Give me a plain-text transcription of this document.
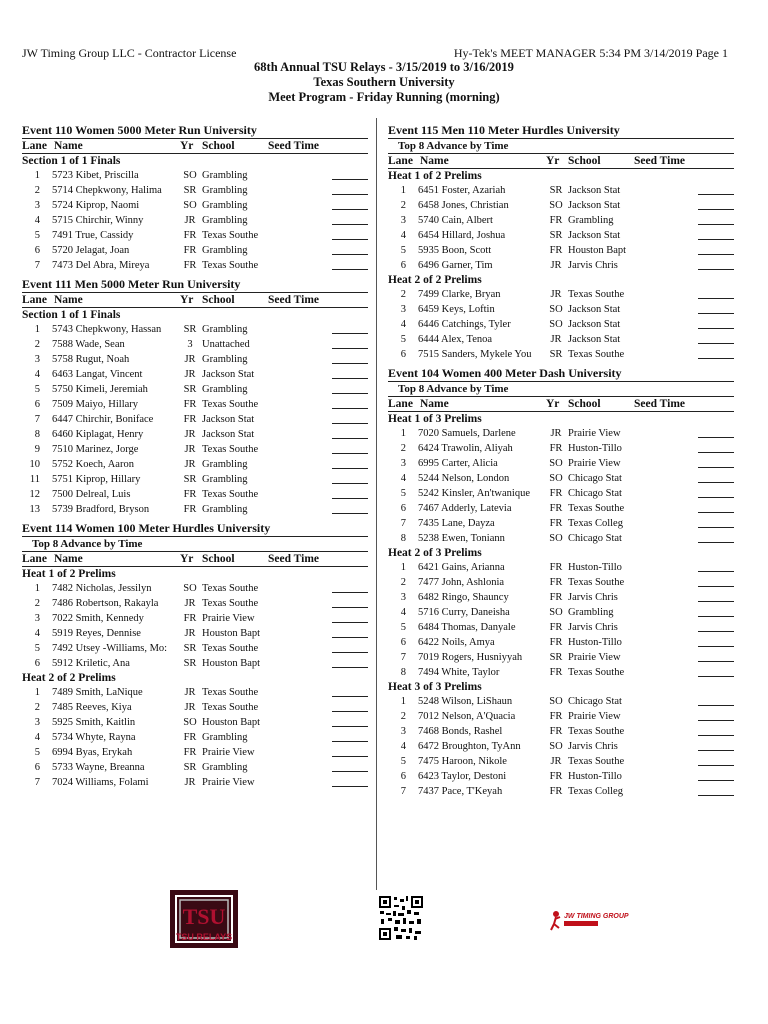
JW Timing Group LLC - Contractor License	Hy-Tek's MEET MANAGER 5:34 PM 3/14/2019 Page 1
68th Annual TSU Relays - 3/15/2019 to 3/16/2019
Texas Southern University
Meet Program - Friday Running (morning)
Event 110 Women 5000 Meter Run University
Lane Name	Yr School	Seed Time
Section 1 of 1 Finals
1 5723 Kibet, Priscilla	SO Grambling
2 5714 Chepkwony, Halima	SR Grambling
3 5724 Kiprop, Naomi	SO Grambling
4 5715 Chirchir, Winny	JR Grambling
5 7491 True, Cassidy	FR Texas Southe
6 5720 Jelagat, Joan	FR Grambling
7 7473 Del Abra, Mireya	FR Texas Southe
Event 111 Men 5000 Meter Run University
Lane Name	Yr School	Seed Time
Section 1 of 1 Finals
1 5743 Chepkwony, Hassan	SR Grambling
2 7588 Wade, Sean	3 Unattached
3 5758 Rugut, Noah	JR Grambling
4 6463 Langat, Vincent	JR Jackson Stat
5 5750 Kimeli, Jeremiah	SR Grambling
6 7509 Maiyo, Hillary	FR Texas Southe
7 6447 Chirchir, Boniface	FR Jackson Stat
8 6460 Kiplagat, Henry	JR Jackson Stat
9 7510 Marinez, Jorge	JR Texas Southe
10 5752 Koech, Aaron	JR Grambling
11 5751 Kiprop, Hillary	SR Grambling
12 7500 Delreal, Luis	FR Texas Southe
13 5739 Bradford, Bryson	FR Grambling
Event 114 Women 100 Meter Hurdles University
Top 8 Advance by Time
Lane Name	Yr School	Seed Time
Heat 1 of 2 Prelims
1 7482 Nicholas, Jessilyn	SO Texas Southe
2 7486 Robertson, Rakayla	JR Texas Southe
3 7022 Smith, Kennedy	FR Prairie View
4 5919 Reyes, Dennise	JR Houston Bapt
5 7492 Utsey -Williams, Mo:	SR Texas Southe
6 5912 Kriletic, Ana	SR Houston Bapt
Heat 2 of 2 Prelims
1 7489 Smith, LaNique	JR Texas Southe
2 7485 Reeves, Kiya	JR Texas Southe
3 5925 Smith, Kaitlin	SO Houston Bapt
4 5734 Whyte, Rayna	FR Grambling
5 6994 Byas, Erykah	FR Prairie View
6 5733 Wayne, Breanna	SR Grambling
7 7024 Williams, Folami	JR Prairie View
Event 115 Men 110 Meter Hurdles University
Top 8 Advance by Time
Lane Name	Yr School	Seed Time
Heat 1 of 2 Prelims
1 6451 Foster, Azariah	SR Jackson Stat
2 6458 Jones, Christian	SO Jackson Stat
3 5740 Cain, Albert	FR Grambling
4 6454 Hillard, Joshua	SR Jackson Stat
5 5935 Boon, Scott	FR Houston Bapt
6 6496 Garner, Tim	JR Jarvis Chris
Heat 2 of 2 Prelims
2 7499 Clarke, Bryan	JR Texas Southe
3 6459 Keys, Loftin	SO Jackson Stat
4 6446 Catchings, Tyler	SO Jackson Stat
5 6444 Alex, Tenoa	JR Jackson Stat
6 7515 Sanders, Mykele You	SR Texas Southe
Event 104 Women 400 Meter Dash University
Top 8 Advance by Time
Lane Name	Yr School	Seed Time
Heat 1 of 3 Prelims
1 7020 Samuels, Darlene	JR Prairie View
2 6424 Trawolin, Aliyah	FR Huston-Tillo
3 6995 Carter, Alicia	SO Prairie View
4 5244 Nelson, London	SO Chicago Stat
5 5242 Kinsler, An'twanique	FR Chicago Stat
6 7467 Adderly, Latevia	FR Texas Southe
7 7435 Lane, Dayza	FR Texas Colleg
8 5238 Ewen, Toniann	SO Chicago Stat
Heat 2 of 3 Prelims
1 6421 Gains, Arianna	FR Huston-Tillo
2 7477 John, Ashlonia	FR Texas Southe
3 6482 Ringo, Shauncy	FR Jarvis Chris
4 5716 Curry, Daneisha	SO Grambling
5 6484 Thomas, Danyale	FR Jarvis Chris
6 6422 Noils, Amya	FR Huston-Tillo
7 7019 Rogers, Husniyyah	SR Prairie View
8 7494 White, Taylor	FR Texas Southe
Heat 3 of 3 Prelims
1 5248 Wilson, LiShaun	SO Chicago Stat
2 7012 Nelson, A'Quacia	FR Prairie View
3 7468 Bonds, Rashel	FR Texas Southe
4 6472 Broughton, TyAnn	SO Jarvis Chris
5 7475 Haroon, Nikole	JR Texas Southe
6 6423 Taylor, Destoni	FR Huston-Tillo
7 7437 Pace, T'Keyah	FR Texas Colleg
TSU
TSU RELAYS
JW TIMING GROUP
